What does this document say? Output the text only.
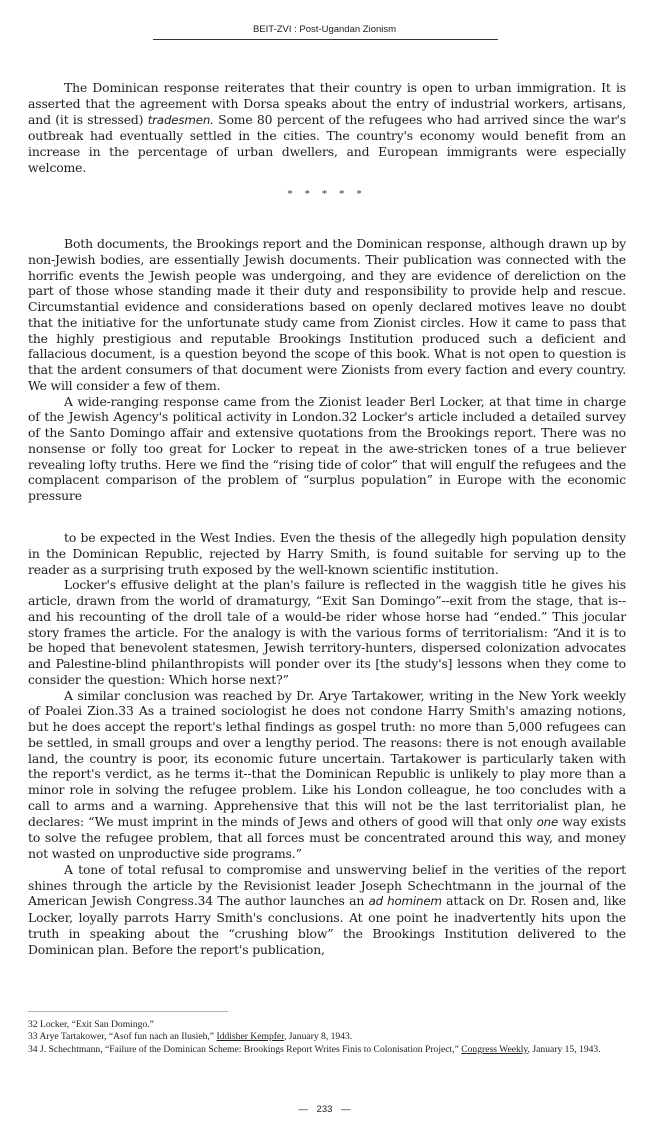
BEIT-ZVI : Post-Ugandan Zionism

The Dominican response reiterates that their country is open to urban immigration. It is asserted that the agreement with Dorsa speaks about the entry of industrial workers, artisans, and (it is stressed) tradesmen. Some 80 percent of the refugees who had arrived since the war's outbreak had eventually settled in the cities. The country's economy would benefit from an increase in the percentage of urban dwellers, and European immigrants were especially welcome.

* * * * *

Both documents, the Brookings report and the Dominican response, although drawn up by non-Jewish bodies, are essentially Jewish documents. Their publication was connected with the horrific events the Jewish people was undergoing, and they are evidence of dereliction on the part of those whose standing made it their duty and responsibility to provide help and rescue. Circumstantial evidence and considerations based on openly declared motives leave no doubt that the initiative for the unfortunate study came from Zionist circles. How it came to pass that the highly prestigious and reputable Brookings Institution produced such a deficient and fallacious document, is a question beyond the scope of this book. What is not open to question is that the ardent consumers of that document were Zionists from every faction and every country. We will consider a few of them.

A wide-ranging response came from the Zionist leader Berl Locker, at that time in charge of the Jewish Agency's political activity in London.32 Locker's article included a detailed survey of the Santo Domingo affair and extensive quotations from the Brookings report. There was no nonsense or folly too great for Locker to repeat in the awe-stricken tones of a true believer revealing lofty truths. Here we find the “rising tide of color” that will engulf the refugees and the complacent comparison of the problem of “surplus population” in Europe with the economic pressure

to be expected in the West Indies. Even the thesis of the allegedly high population density in the Dominican Republic, rejected by Harry Smith, is found suitable for serving up to the reader as a surprising truth exposed by the well-known scientific institution.

Locker's effusive delight at the plan's failure is reflected in the waggish title he gives his article, drawn from the world of dramaturgy, “Exit San Domingo”--exit from the stage, that is--and his recounting of the droll tale of a would-be rider whose horse had “ended.” This jocular story frames the article. For the analogy is with the various forms of territorialism: “And it is to be hoped that benevolent statesmen, Jewish territory-hunters, dispersed colonization advocates and Palestine-blind philanthropists will ponder over its [the study's] lessons when they come to consider the question: Which horse next?”

A similar conclusion was reached by Dr. Arye Tartakower, writing in the New York weekly of Poalei Zion.33 As a trained sociologist he does not condone Harry Smith's amazing notions, but he does accept the report's lethal findings as gospel truth: no more than 5,000 refugees can be settled, in small groups and over a lengthy period. The reasons: there is not enough available land, the country is poor, its economic future uncertain. Tartakower is particularly taken with the report's verdict, as he terms it--that the Dominican Republic is unlikely to play more than a minor role in solving the refugee problem. Like his London colleague, he too concludes with a call to arms and a warning. Apprehensive that this will not be the last territorialist plan, he declares: “We must imprint in the minds of Jews and others of good will that only one way exists to solve the refugee problem, that all forces must be concentrated around this way, and money not wasted on unproductive side programs.”

A tone of total refusal to compromise and unswerving belief in the verities of the report shines through the article by the Revisionist leader Joseph Schechtmann in the journal of the American Jewish Congress.34 The author launches an ad hominem attack on Dr. Rosen and, like Locker, loyally parrots Harry Smith's conclusions. At one point he inadvertently hits upon the truth in speaking about the “crushing blow” the Brookings Institution delivered to the Dominican plan. Before the report's publication,

32 Locker, “Exit San Domingo.”
33 Arye Tartakower, “Asof fun nach an Ilusieh,” Iddisher Kempfer, January 8, 1943.
34 J. Schechtmann, “Failure of the Dominican Scheme: Brookings Report Writes Finis to Colonisation Project,” Congress Weekly, January 15, 1943.
— 233 —
